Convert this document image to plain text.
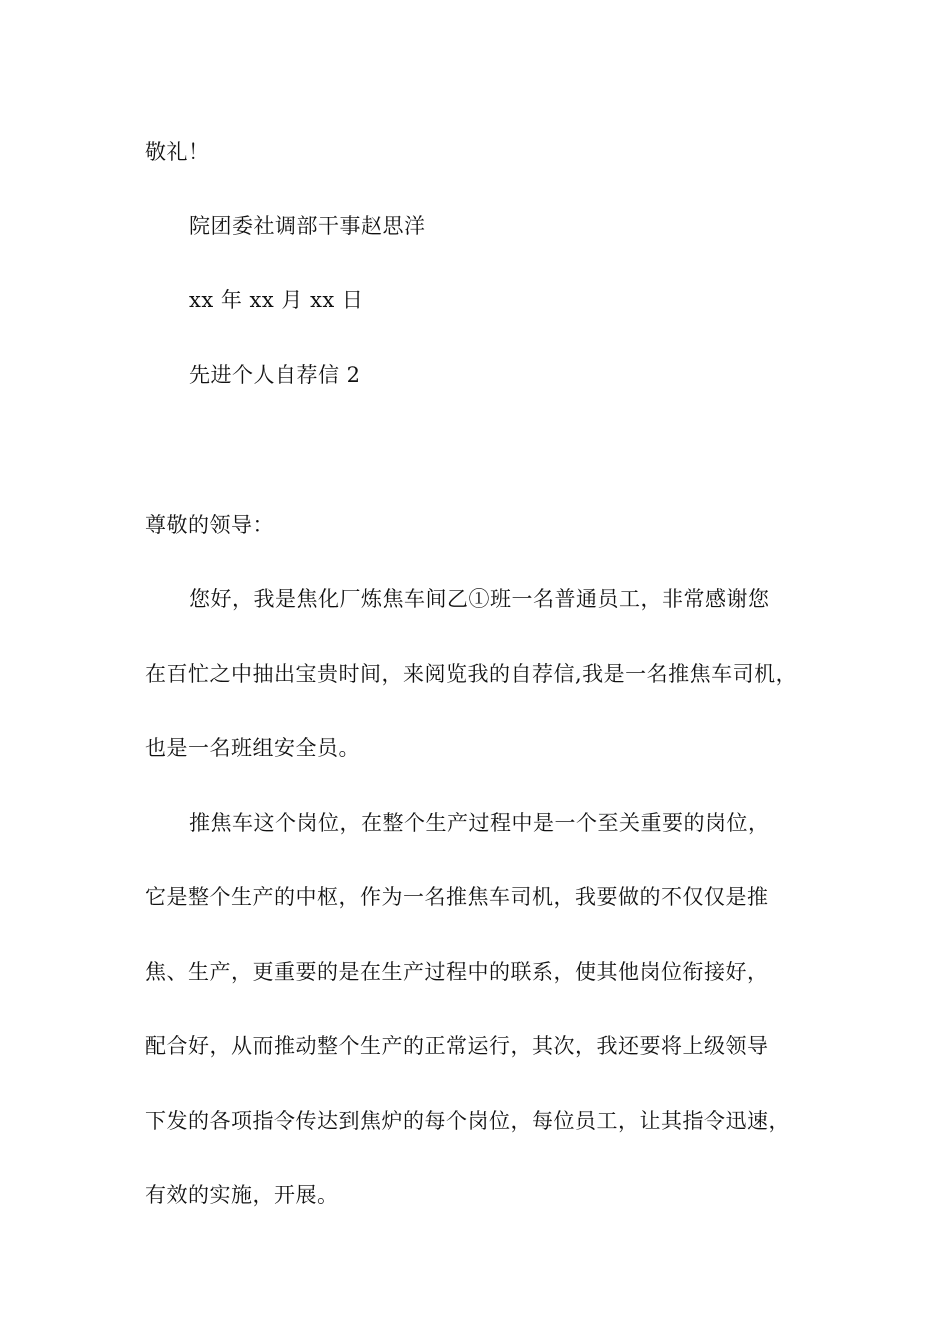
敬礼！
院团委社调部干事赵思洋
xx 年 xx 月 xx 日
先进个人自荐信 2
尊敬的领导：
您好，我是焦化厂炼焦车间乙①班一名普通员工，非常感谢您
在百忙之中抽出宝贵时间，来阅览我的自荐信,我是一名推焦车司机，
也是一名班组安全员。
推焦车这个岗位，在整个生产过程中是一个至关重要的岗位，
它是整个生产的中枢，作为一名推焦车司机，我要做的不仅仅是推
焦、生产，更重要的是在生产过程中的联系，使其他岗位衔接好，
配合好，从而推动整个生产的正常运行，其次，我还要将上级领导
下发的各项指令传达到焦炉的每个岗位，每位员工，让其指令迅速，
有效的实施，开展。
